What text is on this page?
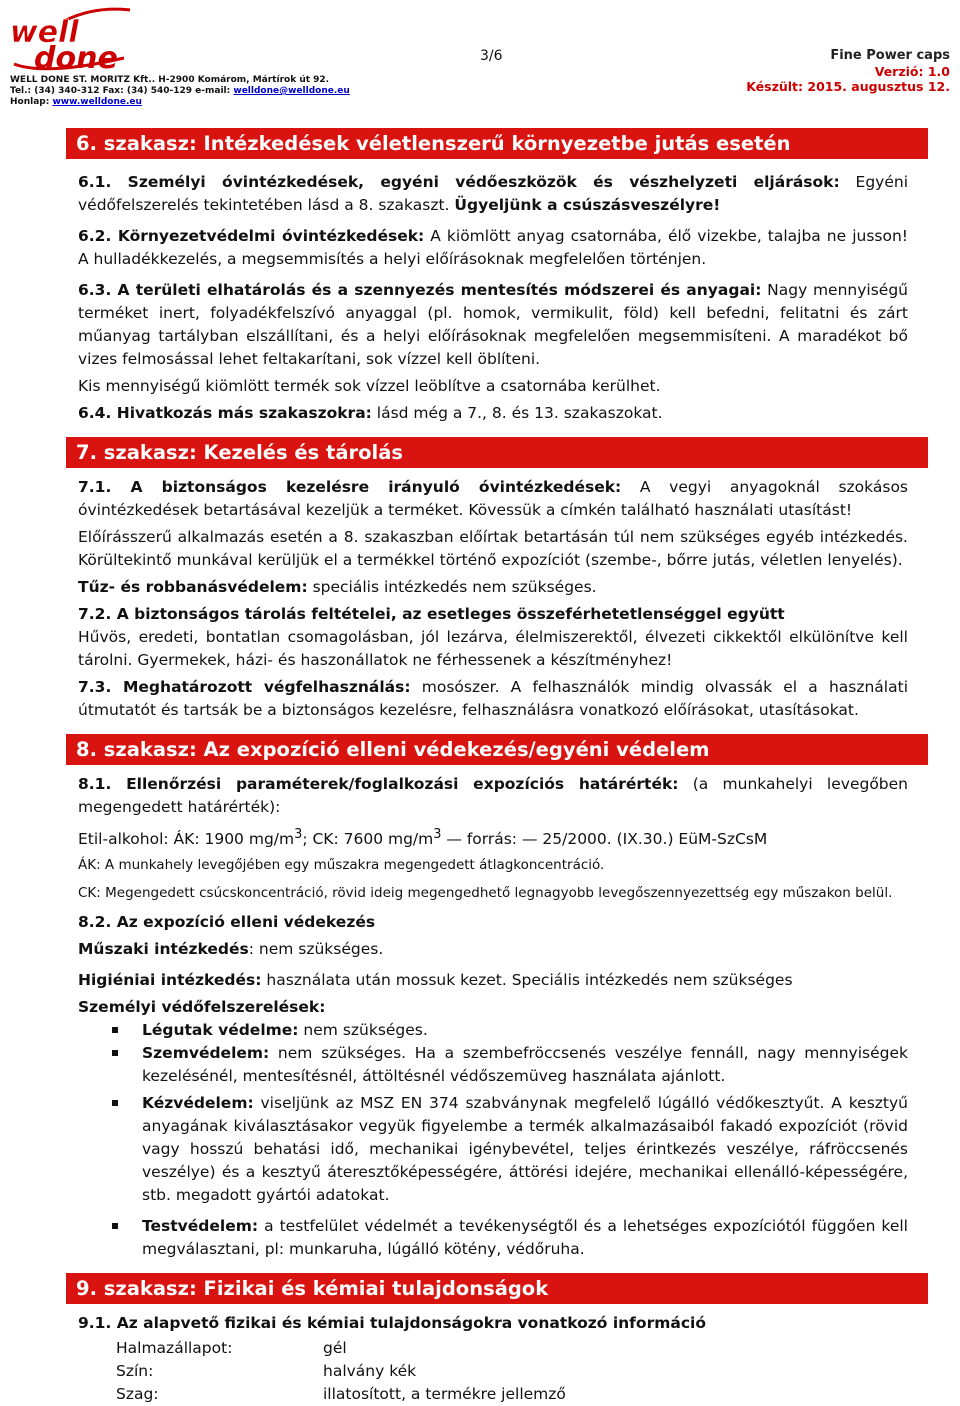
well
done
WELL DONE ST. MORITZ Kft.. H-2900 Komárom, Mártírok út 92.
Tel.: (34) 340-312 Fax: (34) 540-129 e-mail: welldone@welldone.eu
Honlap: www.welldone.eu
3/6	Fine Power caps
Verzió: 1.0
Készült: 2015. augusztus 12.
6. szakasz: Intézkedések véletlenszerű környezetbe jutás esetén

6.1. Személyi óvintézkedések, egyéni védőeszközök és vészhelyzeti eljárások: Egyéni védőfelszerelés tekintetében lásd a 8. szakaszt. Ügyeljünk a csúszásveszélyre!

6.2. Környezetvédelmi óvintézkedések: A kiömlött anyag csatornába, élő vizekbe, talajba ne jusson! A hulladékkezelés, a megsemmisítés a helyi előírásoknak megfelelően történjen.

6.3. A területi elhatárolás és a szennyezés mentesítés módszerei és anyagai: Nagy mennyiségű terméket inert, folyadékfelszívó anyaggal (pl. homok, vermikulit, föld) kell befedni, felitatni és zárt műanyag tartályban elszállítani, és a helyi előírásoknak megfelelően megsemmisíteni. A maradékot bő vizes felmosással lehet feltakarítani, sok vízzel kell öblíteni.

Kis mennyiségű kiömlött termék sok vízzel leöblítve a csatornába kerülhet.

6.4. Hivatkozás más szakaszokra: lásd még a 7., 8. és 13. szakaszokat.

7. szakasz: Kezelés és tárolás

7.1. A biztonságos kezelésre irányuló óvintézkedések: A vegyi anyagoknál szokásos óvintézkedések betartásával kezeljük a terméket. Kövessük a címkén található használati utasítást!

Előírásszerű alkalmazás esetén a 8. szakaszban előírtak betartásán túl nem szükséges egyéb intézkedés. Körültekintő munkával kerüljük el a termékkel történő expozíciót (szembe-, bőrre jutás, véletlen lenyelés).

Tűz- és robbanásvédelem: speciális intézkedés nem szükséges.

7.2. A biztonságos tárolás feltételei, az esetleges összeférhetetlenséggel együtt

Hűvös, eredeti, bontatlan csomagolásban, jól lezárva, élelmiszerektől, élvezeti cikkektől elkülönítve kell tárolni. Gyermekek, házi- és haszonállatok ne férhessenek a készítményhez!

7.3. Meghatározott végfelhasználás: mosószer. A felhasználók mindig olvassák el a használati útmutatót és tartsák be a biztonságos kezelésre, felhasználásra vonatkozó előírásokat, utasításokat.

8. szakasz: Az expozíció elleni védekezés/egyéni védelem

8.1. Ellenőrzési paraméterek/foglalkozási expozíciós határérték: (a munkahelyi levegőben megengedett határérték):

Etil-alkohol: ÁK: 1900 $mg/m^3$; CK: 7600 $mg/m^3$ — forrás: — 25/2000. (IX.30.) EüM-SzCsM

ÁK: A munkahely levegőjében egy műszakra megengedett átlagkoncentráció.

CK: Megengedett csúcskoncentráció, rövid ideig megengedhető legnagyobb levegőszennyezettség egy műszakon belül.

8.2. Az expozíció elleni védekezés

Műszaki intézkedés: nem szükséges.

Higiéniai intézkedés: használata után mossuk kezet. Speciális intézkedés nem szükséges

Személyi védőfelszerelések:

Légutak védelme: nem szükséges.
Szemvédelem: nem szükséges. Ha a szembefröccsenés veszélye fennáll, nagy mennyiségek kezelésénél, mentesítésnél, áttöltésnél védőszemüveg használata ajánlott.
Kézvédelem: viseljünk az MSZ EN 374 szabványnak megfelelő lúgálló védőkesztyűt. A kesztyű anyagának kiválasztásakor vegyük figyelembe a termék alkalmazásaiból fakadó expozíciót (rövid vagy hosszú behatási idő, mechanikai igénybevétel, teljes érintkezés veszélye, ráfröccsenés veszélye) és a kesztyű áteresztőképességére, áttörési idejére, mechanikai ellenálló-képességére, stb. megadott gyártói adatokat.
Testvédelem: a testfelület védelmét a tevékenységtől és a lehetséges expozíciótól függően kell megválasztani, pl: munkaruha, lúgálló kötény, védőruha.
9. szakasz: Fizikai és kémiai tulajdonságok

9.1. Az alapvető fizikai és kémiai tulajdonságokra vonatkozó információ

Halmazállapot:	gél
Szín:	halvány kék
Szag:	illatosított, a termékre jellemző
